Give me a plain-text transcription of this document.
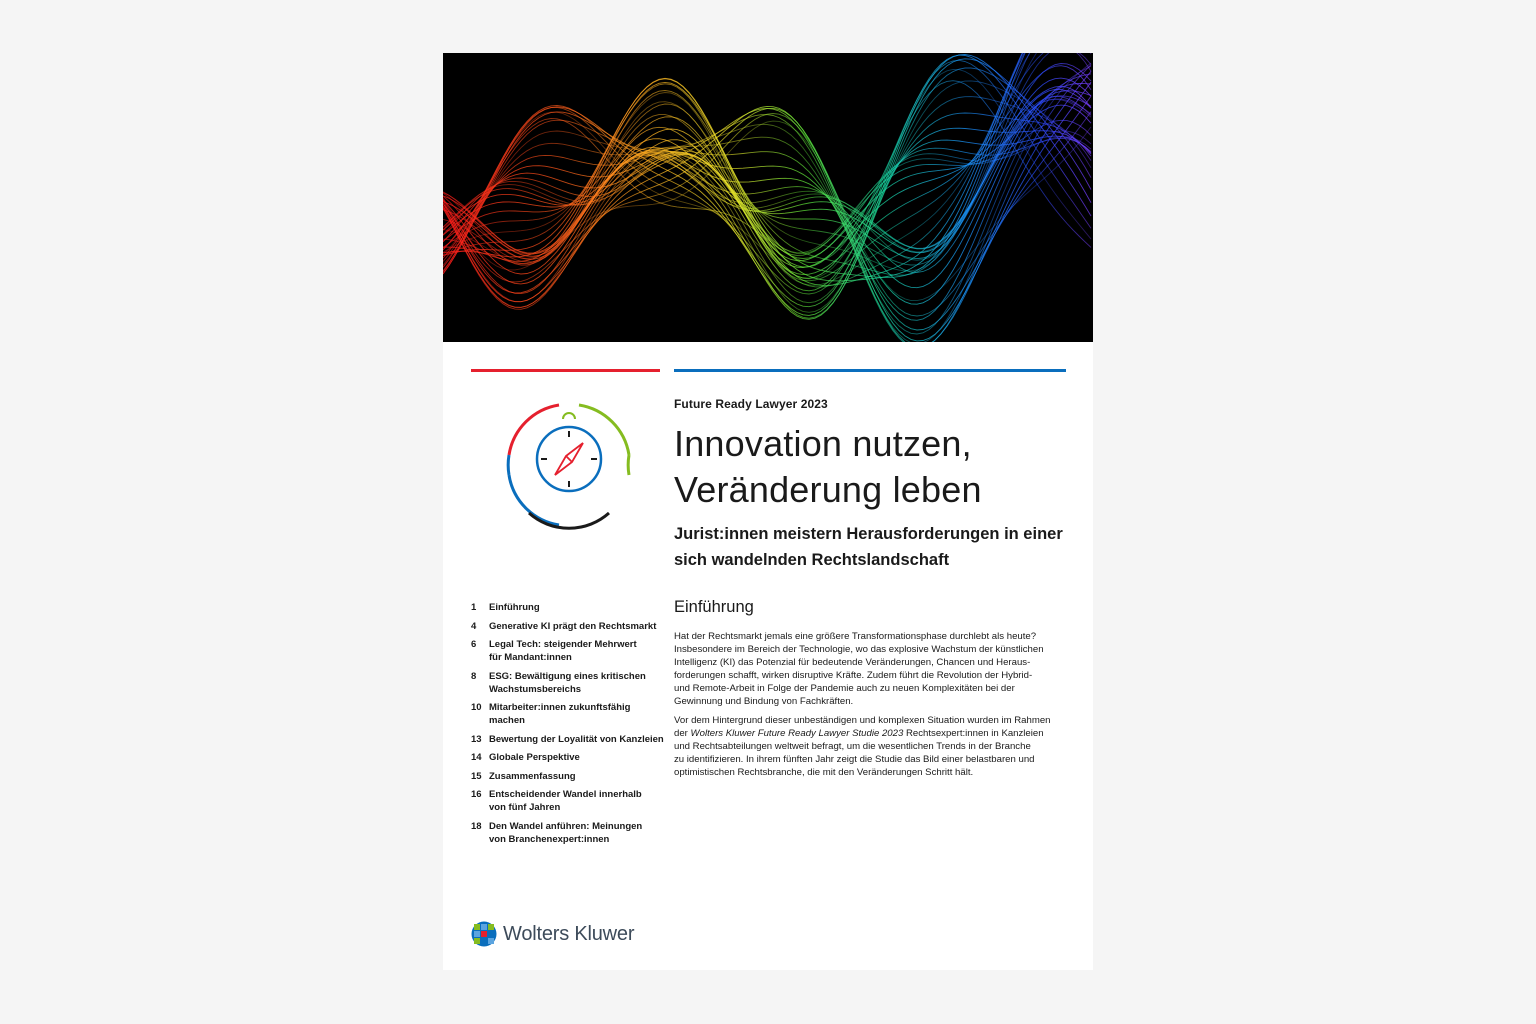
Future Ready Lawyer 2023
Innovation nutzen,
Veränderung leben
Jurist:innen meistern Herausforderungen in einer
sich wandelnden Rechtslandschaft
1 Einführung
4 Generative KI prägt den Rechtsmarkt
6 Legal Tech: steigender Mehrwert
für Mandant:innen
8 ESG: Bewältigung eines kritischen
Wachstumsbereichs
10 Mitarbeiter:innen zukunftsfähig
machen
13 Bewertung der Loyalität von Kanzleien
14 Globale Perspektive
15 Zusammenfassung
16 Entscheidender Wandel innerhalb
von fünf Jahren
18 Den Wandel anführen: Meinungen
von Branchenexpert:innen
Einführung

Hat der Rechtsmarkt jemals eine größere Transformationsphase durchlebt als heute?
Insbesondere im Bereich der Technologie, wo das explosive Wachstum der künstlichen
Intelligenz (KI) das Potenzial für bedeutende Veränderungen, Chancen und Heraus-
forderungen schafft, wirken disruptive Kräfte. Zudem führt die Revolution der Hybrid-
und Remote-Arbeit in Folge der Pandemie auch zu neuen Komplexitäten bei der
Gewinnung und Bindung von Fachkräften.

Vor dem Hintergrund dieser unbeständigen und komplexen Situation wurden im Rahmen
der Wolters Kluwer Future Ready Lawyer Studie 2023 Rechtsexpert:innen in Kanzleien
und Rechtsabteilungen weltweit befragt, um die wesentlichen Trends in der Branche
zu identifizieren. In ihrem fünften Jahr zeigt die Studie das Bild einer belastbaren und
optimistischen Rechtsbranche, die mit den Veränderungen Schritt hält.

Wolters Kluwer
